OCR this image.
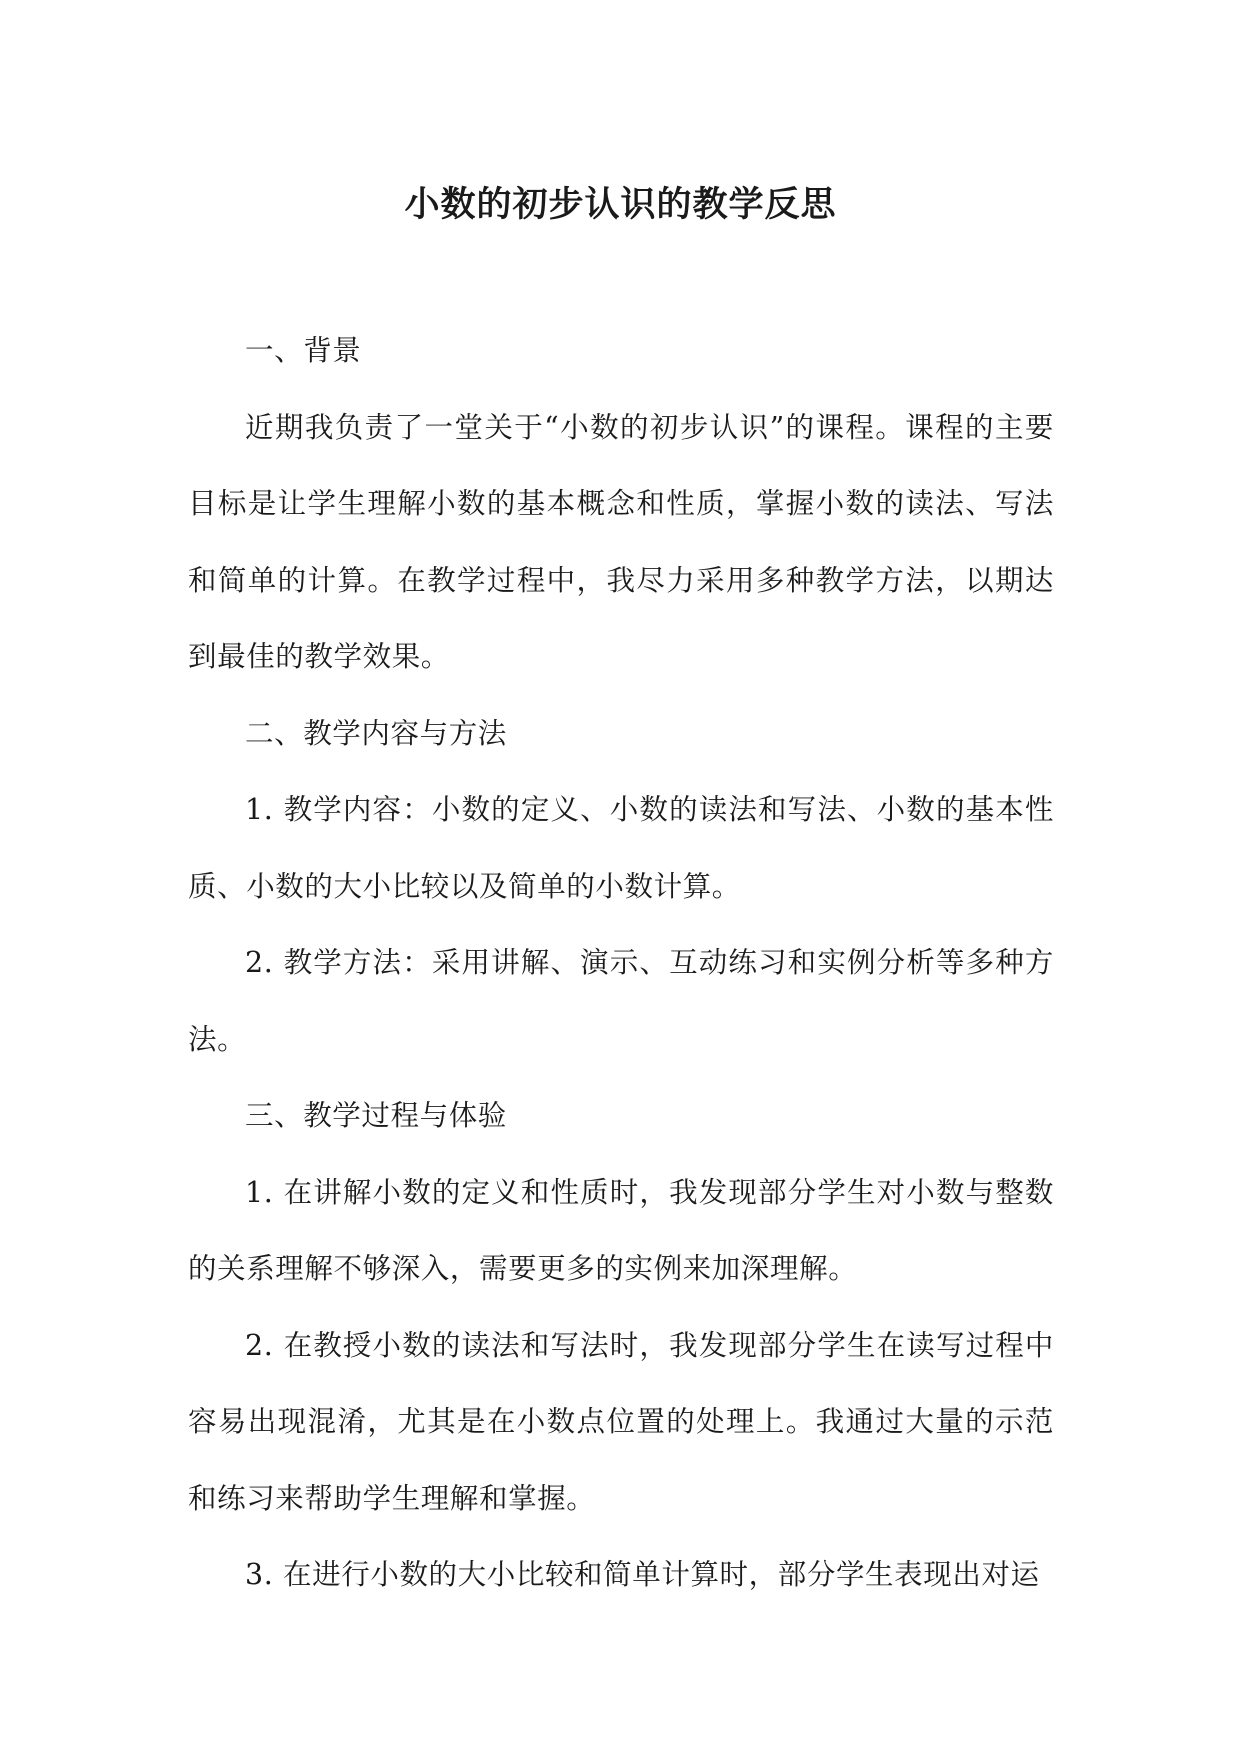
小数的初步认识的教学反思

一、背景

近期我负责了一堂关于“小数的初步认识”的课程。课程的主要目标是让学生理解小数的基本概念和性质，掌握小数的读法、写法和简单的计算。在教学过程中，我尽力采用多种教学方法，以期达到最佳的教学效果。

二、教学内容与方法

1. 教学内容：小数的定义、小数的读法和写法、小数的基本性质、小数的大小比较以及简单的小数计算。

2. 教学方法：采用讲解、演示、互动练习和实例分析等多种方法。

三、教学过程与体验

1. 在讲解小数的定义和性质时，我发现部分学生对小数与整数的关系理解不够深入，需要更多的实例来加深理解。

2. 在教授小数的读法和写法时，我发现部分学生在读写过程中容易出现混淆，尤其是在小数点位置的处理上。我通过大量的示范和练习来帮助学生理解和掌握。

3. 在进行小数的大小比较和简单计算时，部分学生表现出对运
